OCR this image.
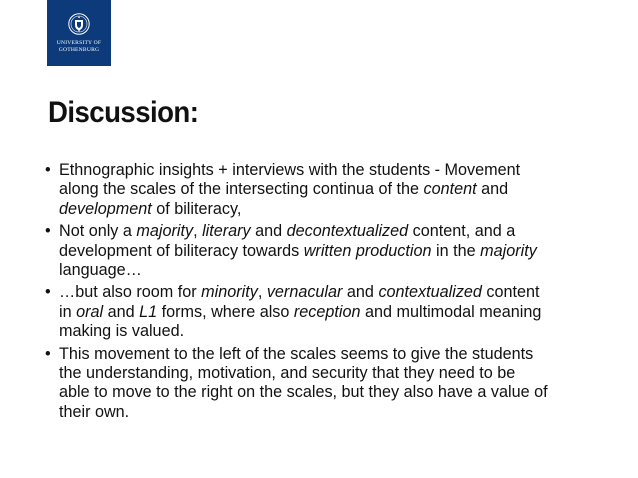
UNIVERSITY OF
GOTHENBURG
Discussion:
• Ethnographic insights + interviews with the students - Movement
along the scales of the intersecting continua of the content and
development of biliteracy,
• Not only a majority, literary and decontextualized content, and a
development of biliteracy towards written production in the majority
language…
• …but also room for minority, vernacular and contextualized content
in oral and L1 forms, where also reception and multimodal meaning
making is valued.
• This movement to the left of the scales seems to give the students
the understanding, motivation, and security that they need to be
able to move to the right on the scales, but they also have a value of
their own.
